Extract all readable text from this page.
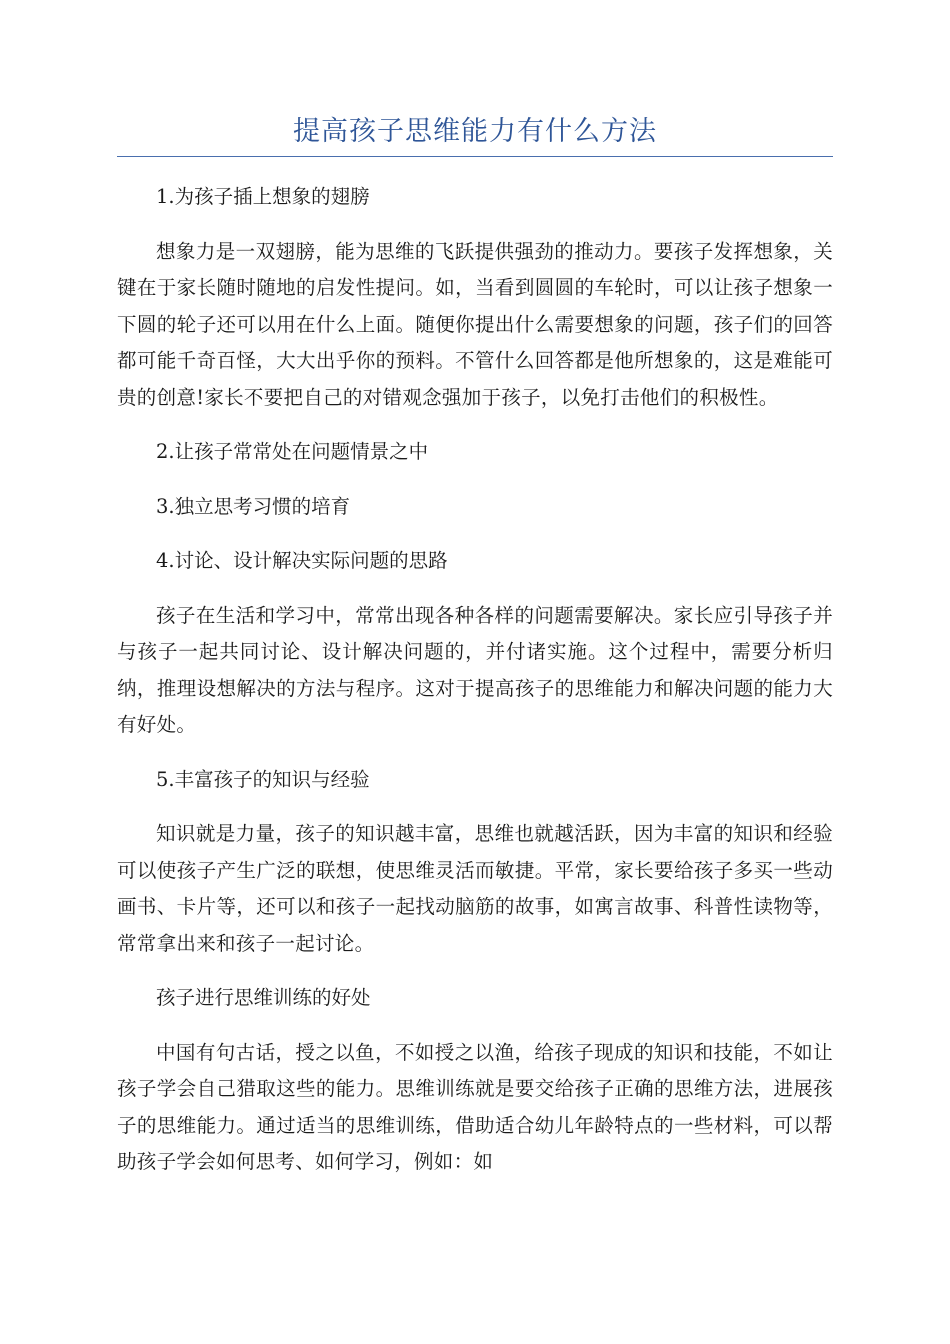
提高孩子思维能力有什么方法
1.为孩子插上想象的翅膀

想象力是一双翅膀，能为思维的飞跃提供强劲的推动力。要孩子发挥想象，关键在于家长随时随地的启发性提问。如，当看到圆圆的车轮时，可以让孩子想象一下圆的轮子还可以用在什么上面。随便你提出什么需要想象的问题，孩子们的回答都可能千奇百怪，大大出乎你的预料。不管什么回答都是他所想象的，这是难能可贵的创意!家长不要把自己的对错观念强加于孩子，以免打击他们的积极性。

2.让孩子常常处在问题情景之中
3.独立思考习惯的培育
4.讨论、设计解决实际问题的思路

孩子在生活和学习中，常常出现各种各样的问题需要解决。家长应引导孩子并与孩子一起共同讨论、设计解决问题的，并付诸实施。这个过程中，需要分析归纳，推理设想解决的方法与程序。这对于提高孩子的思维能力和解决问题的能力大有好处。

5.丰富孩子的知识与经验

知识就是力量，孩子的知识越丰富，思维也就越活跃，因为丰富的知识和经验可以使孩子产生广泛的联想，使思维灵活而敏捷。平常，家长要给孩子多买一些动画书、卡片等，还可以和孩子一起找动脑筋的故事，如寓言故事、科普性读物等，常常拿出来和孩子一起讨论。

孩子进行思维训练的好处

中国有句古话，授之以鱼，不如授之以渔，给孩子现成的知识和技能，不如让孩子学会自己猎取这些的能力。思维训练就是要交给孩子正确的思维方法，进展孩子的思维能力。通过适当的思维训练，借助适合幼儿年龄特点的一些材料，可以帮助孩子学会如何思考、如何学习，例如：如
